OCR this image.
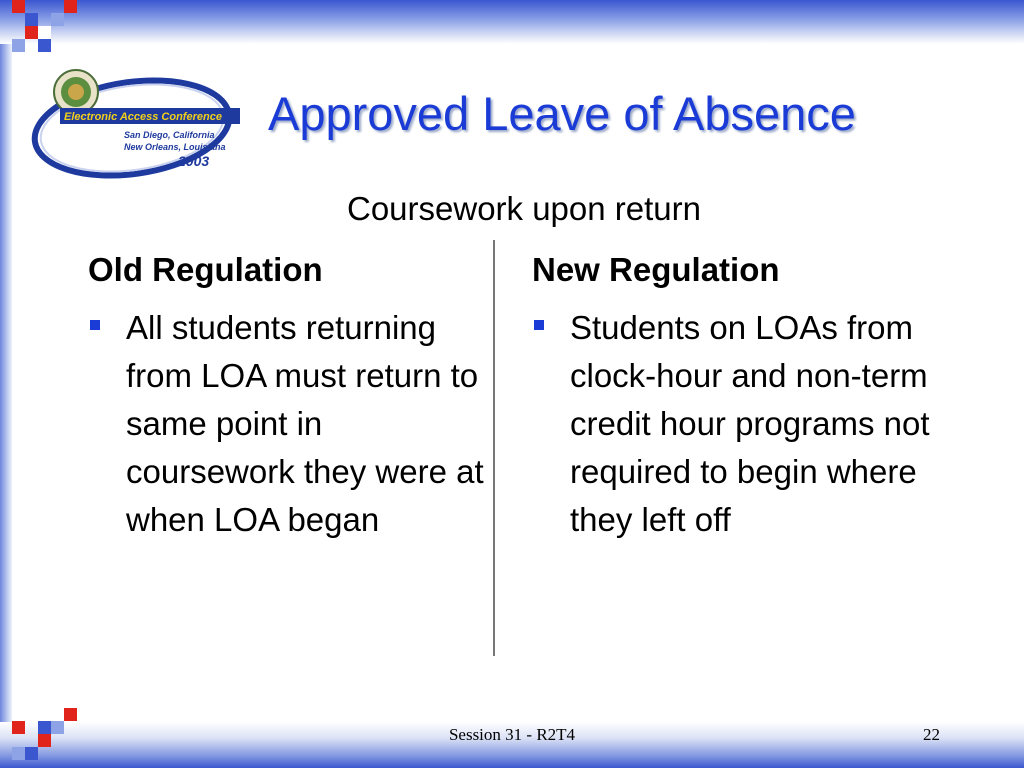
Electronic Access Conference
San Diego, California
New Orleans, Louisiana
2003
Approved Leave of Absence
Coursework upon return
Old Regulation
All students returning from LOA must return to same point in coursework they were at when LOA began
New Regulation
Students on LOAs from clock-hour and non-term credit hour programs not required to begin where they left off
Session 31 - R2T4	22
